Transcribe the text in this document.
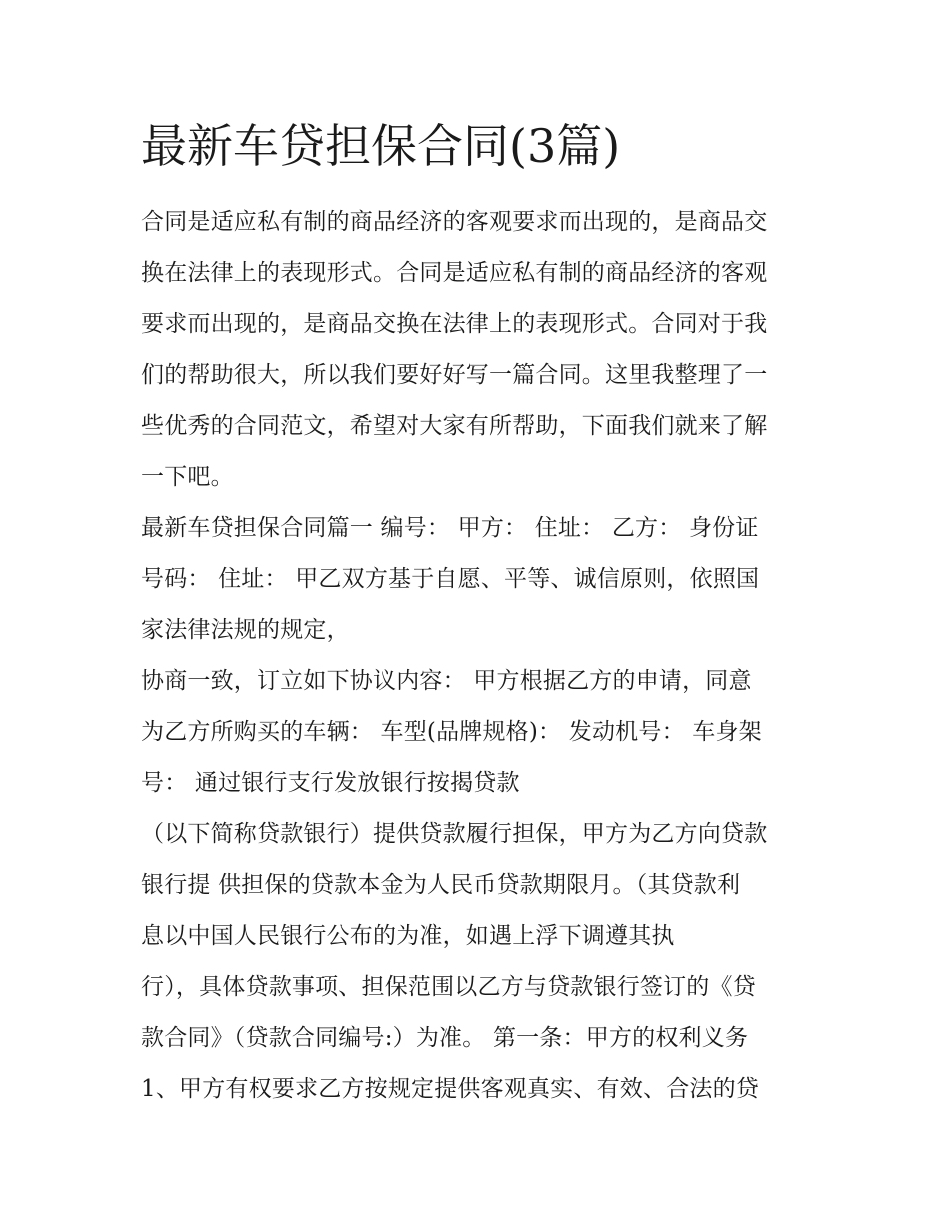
最新车贷担保合同(3篇)
合同是适应私有制的商品经济的客观要求而出现的，是商品交
换在法律上的表现形式。合同是适应私有制的商品经济的客观
要求而出现的，是商品交换在法律上的表现形式。合同对于我
们的帮助很大，所以我们要好好写一篇合同。这里我整理了一
些优秀的合同范文，希望对大家有所帮助，下面我们就来了解
一下吧。
最新车贷担保合同篇一 编号： 甲方： 住址： 乙方： 身份证
号码： 住址： 甲乙双方基于自愿、平等、诚信原则，依照国
家法律法规的规定，
协商一致，订立如下协议内容： 甲方根据乙方的申请，同意
为乙方所购买的车辆： 车型(品牌规格)： 发动机号： 车身架
号： 通过银行支行发放银行按揭贷款
（以下简称贷款银行）提供贷款履行担保，甲方为乙方向贷款
银行提 供担保的贷款本金为人民币贷款期限月。（其贷款利
息以中国人民银行公布的为准，如遇上浮下调遵其执
行），具体贷款事项、担保范围以乙方与贷款银行签订的《贷
款合同》（贷款合同编号:）为准。 第一条：甲方的权利义务
1、甲方有权要求乙方按规定提供客观真实、有效、合法的贷
